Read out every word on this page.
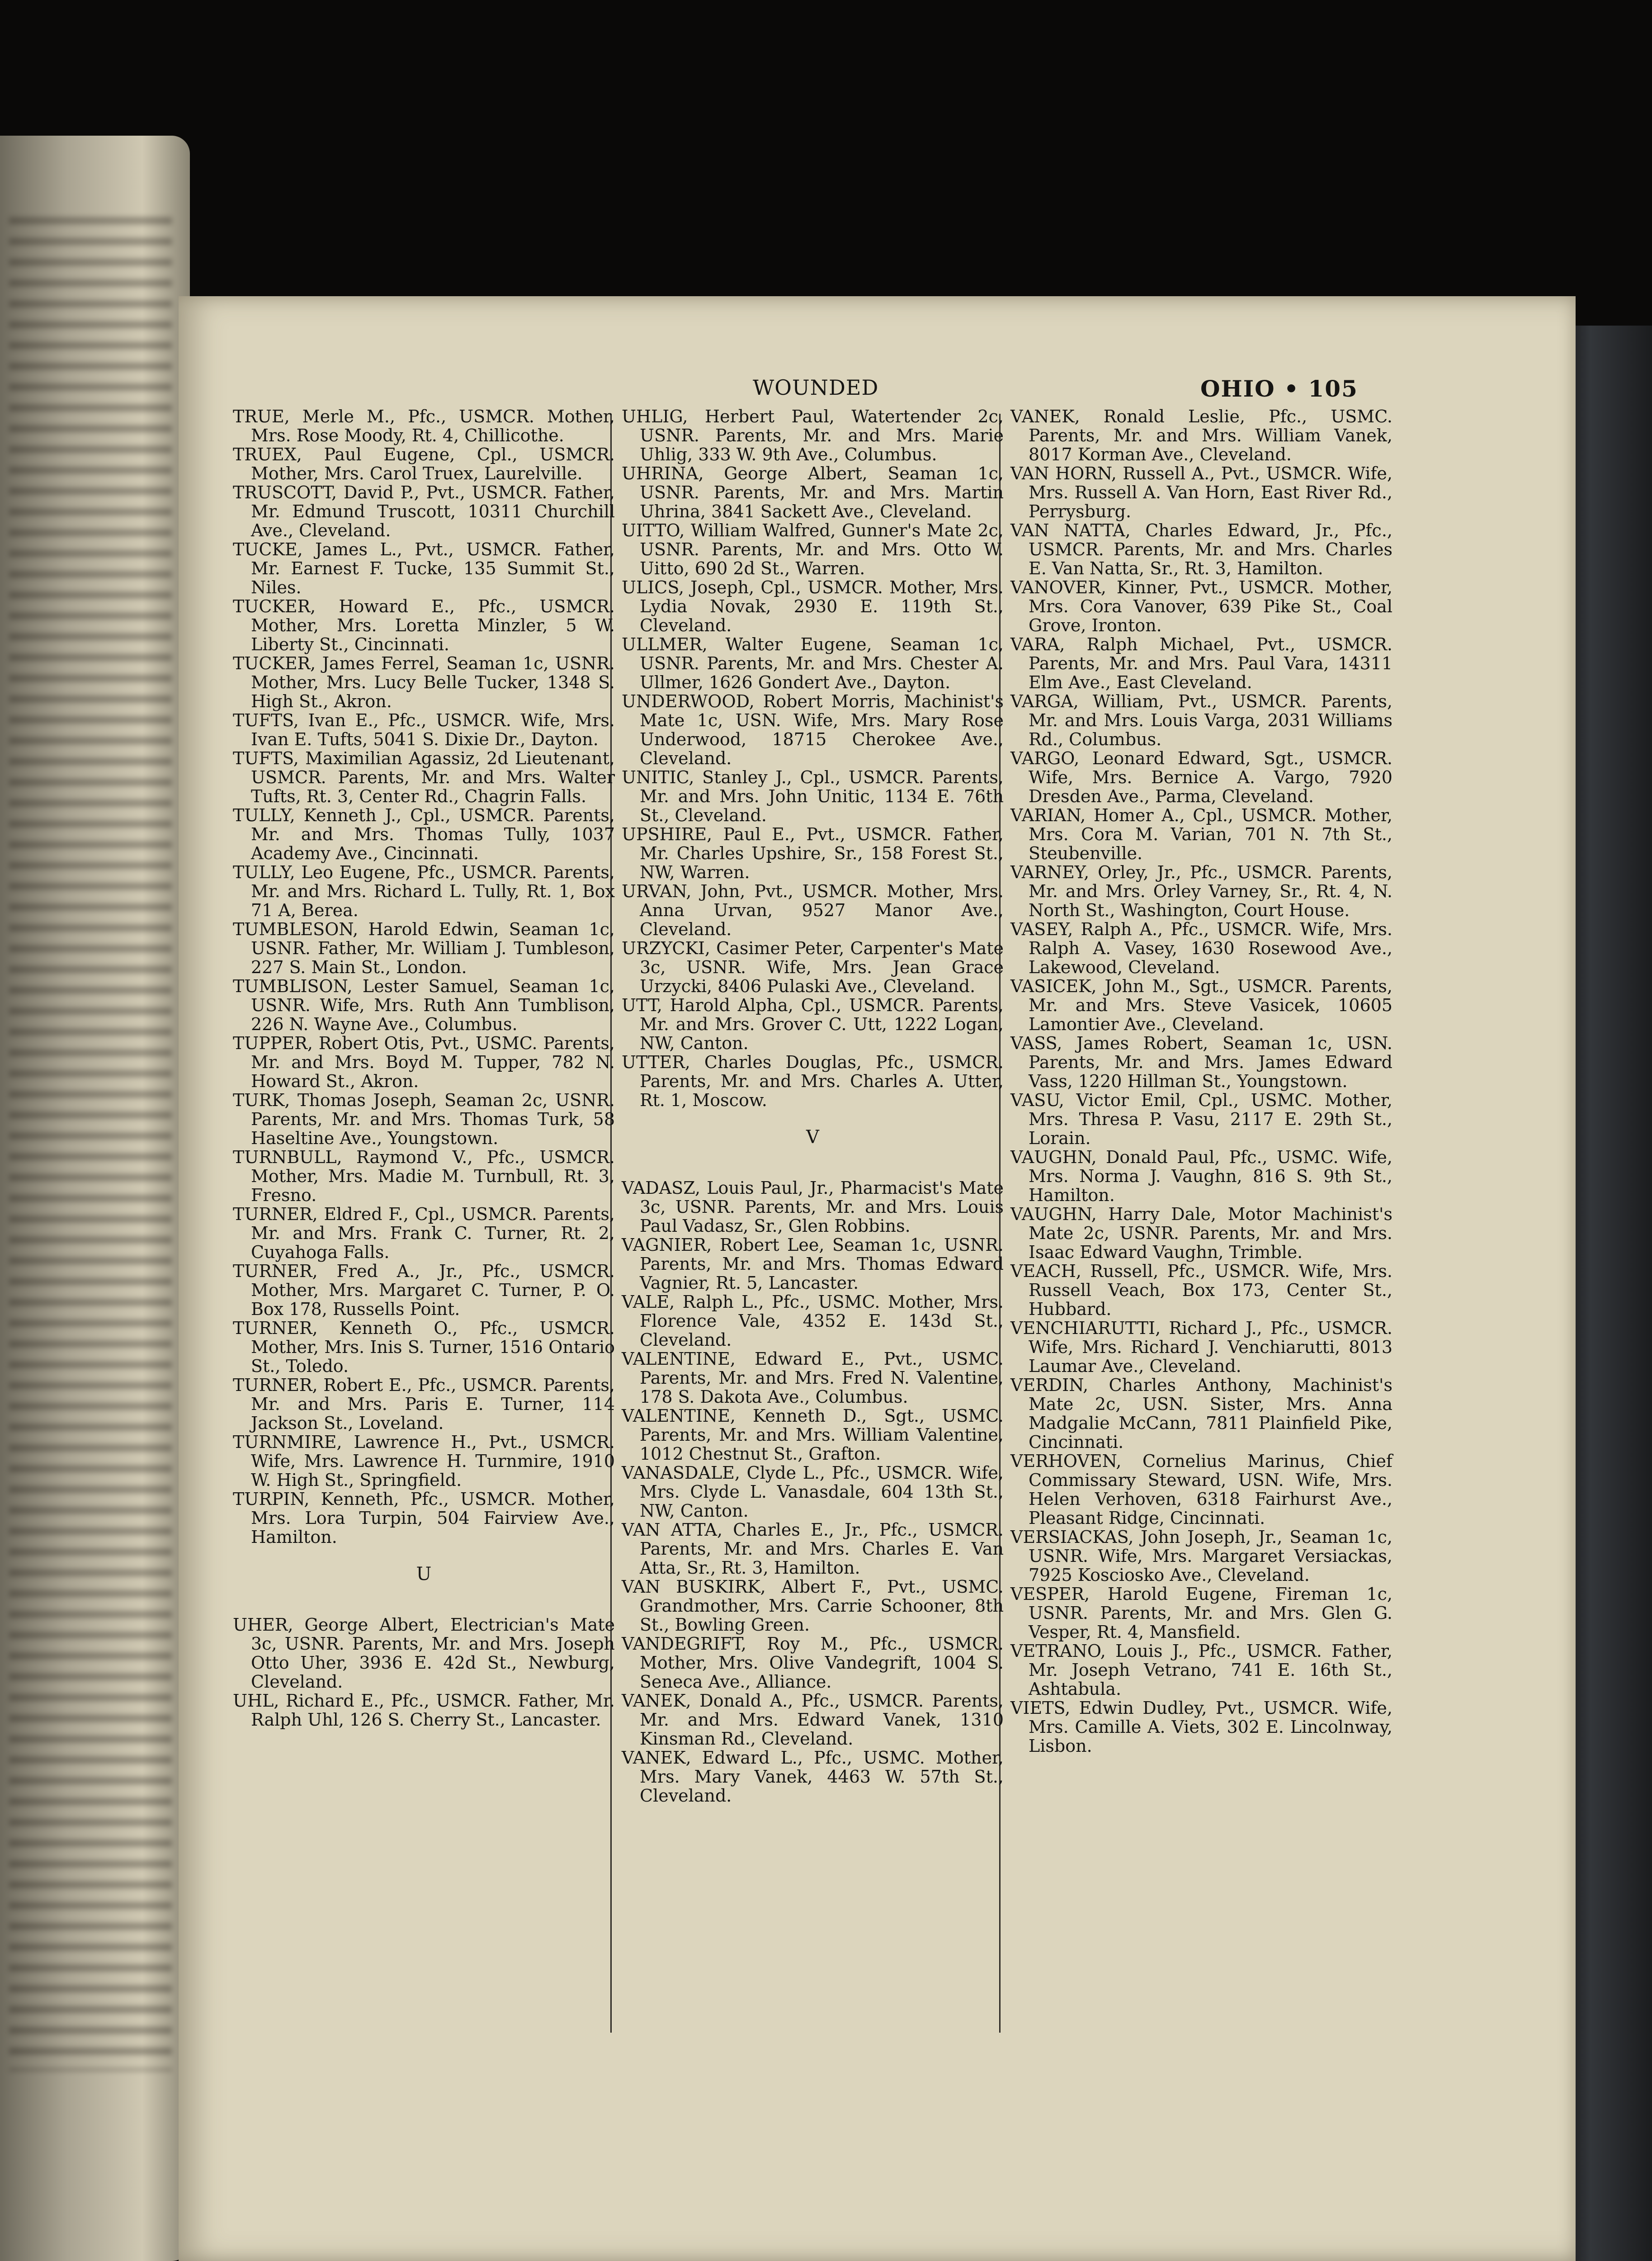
WOUNDED	OHIO • 105

TRUE, Merle M., Pfc., USMCR. Mother, Mrs. Rose Moody, Rt. 4, Chillicothe.

TRUEX, Paul Eugene, Cpl., USMCR. Mother, Mrs. Carol Truex, Laurelville.

TRUSCOTT, David P., Pvt., USMCR. Father, Mr. Edmund Truscott, 10311 Churchill Ave., Cleveland.

TUCKE, James L., Pvt., USMCR. Father, Mr. Earnest F. Tucke, 135 Summit St., Niles.

TUCKER, Howard E., Pfc., USMCR. Mother, Mrs. Loretta Minzler, 5 W. Liberty St., Cincinnati.

TUCKER, James Ferrel, Seaman 1c, USNR. Mother, Mrs. Lucy Belle Tucker, 1348 S. High St., Akron.

TUFTS, Ivan E., Pfc., USMCR. Wife, Mrs. Ivan E. Tufts, 5041 S. Dixie Dr., Dayton.

TUFTS, Maximilian Agassiz, 2d Lieutenant, USMCR. Parents, Mr. and Mrs. Walter Tufts, Rt. 3, Center Rd., Chagrin Falls.

TULLY, Kenneth J., Cpl., USMCR. Parents, Mr. and Mrs. Thomas Tully, 1037 Academy Ave., Cincinnati.

TULLY, Leo Eugene, Pfc., USMCR. Parents, Mr. and Mrs. Richard L. Tully, Rt. 1, Box 71 A, Berea.

TUMBLESON, Harold Edwin, Seaman 1c, USNR. Father, Mr. William J. Tumbleson, 227 S. Main St., London.

TUMBLISON, Lester Samuel, Seaman 1c, USNR. Wife, Mrs. Ruth Ann Tumblison, 226 N. Wayne Ave., Columbus.

TUPPER, Robert Otis, Pvt., USMC. Parents, Mr. and Mrs. Boyd M. Tupper, 782 N. Howard St., Akron.

TURK, Thomas Joseph, Seaman 2c, USNR. Parents, Mr. and Mrs. Thomas Turk, 58 Haseltine Ave., Youngstown.

TURNBULL, Raymond V., Pfc., USMCR. Mother, Mrs. Madie M. Turnbull, Rt. 3, Fresno.

TURNER, Eldred F., Cpl., USMCR. Parents, Mr. and Mrs. Frank C. Turner, Rt. 2, Cuyahoga Falls.

TURNER, Fred A., Jr., Pfc., USMCR. Mother, Mrs. Margaret C. Turner, P. O. Box 178, Russells Point.

TURNER, Kenneth O., Pfc., USMCR. Mother, Mrs. Inis S. Turner, 1516 Ontario St., Toledo.

TURNER, Robert E., Pfc., USMCR. Parents, Mr. and Mrs. Paris E. Turner, 114 Jackson St., Loveland.

TURNMIRE, Lawrence H., Pvt., USMCR. Wife, Mrs. Lawrence H. Turnmire, 1910 W. High St., Springfield.

TURPIN, Kenneth, Pfc., USMCR. Mother, Mrs. Lora Turpin, 504 Fairview Ave., Hamilton.

U

UHER, George Albert, Electrician's Mate 3c, USNR. Parents, Mr. and Mrs. Joseph Otto Uher, 3936 E. 42d St., Newburg, Cleveland.

UHL, Richard E., Pfc., USMCR. Father, Mr. Ralph Uhl, 126 S. Cherry St., Lancaster.

UHLIG, Herbert Paul, Watertender 2c, USNR. Parents, Mr. and Mrs. Marie Uhlig, 333 W. 9th Ave., Columbus.

UHRINA, George Albert, Seaman 1c, USNR. Parents, Mr. and Mrs. Martin Uhrina, 3841 Sackett Ave., Cleveland.

UITTO, William Walfred, Gunner's Mate 2c, USNR. Parents, Mr. and Mrs. Otto W. Uitto, 690 2d St., Warren.

ULICS, Joseph, Cpl., USMCR. Mother, Mrs. Lydia Novak, 2930 E. 119th St., Cleveland.

ULLMER, Walter Eugene, Seaman 1c, USNR. Parents, Mr. and Mrs. Chester A. Ullmer, 1626 Gondert Ave., Dayton.

UNDERWOOD, Robert Morris, Machinist's Mate 1c, USN. Wife, Mrs. Mary Rose Underwood, 18715 Cherokee Ave., Cleveland.

UNITIC, Stanley J., Cpl., USMCR. Parents, Mr. and Mrs. John Unitic, 1134 E. 76th St., Cleveland.

UPSHIRE, Paul E., Pvt., USMCR. Father, Mr. Charles Upshire, Sr., 158 Forest St., NW, Warren.

URVAN, John, Pvt., USMCR. Mother, Mrs. Anna Urvan, 9527 Manor Ave., Cleveland.

URZYCKI, Casimer Peter, Carpenter's Mate 3c, USNR. Wife, Mrs. Jean Grace Urzycki, 8406 Pulaski Ave., Cleveland.

UTT, Harold Alpha, Cpl., USMCR. Parents, Mr. and Mrs. Grover C. Utt, 1222 Logan, NW, Canton.

UTTER, Charles Douglas, Pfc., USMCR. Parents, Mr. and Mrs. Charles A. Utter, Rt. 1, Moscow.

V

VADASZ, Louis Paul, Jr., Pharmacist's Mate 3c, USNR. Parents, Mr. and Mrs. Louis Paul Vadasz, Sr., Glen Robbins.

VAGNIER, Robert Lee, Seaman 1c, USNR. Parents, Mr. and Mrs. Thomas Edward Vagnier, Rt. 5, Lancaster.

VALE, Ralph L., Pfc., USMC. Mother, Mrs. Florence Vale, 4352 E. 143d St., Cleveland.

VALENTINE, Edward E., Pvt., USMC. Parents, Mr. and Mrs. Fred N. Valentine, 178 S. Dakota Ave., Columbus.

VALENTINE, Kenneth D., Sgt., USMC. Parents, Mr. and Mrs. William Valentine, 1012 Chestnut St., Grafton.

VANASDALE, Clyde L., Pfc., USMCR. Wife, Mrs. Clyde L. Vanasdale, 604 13th St., NW, Canton.

VAN ATTA, Charles E., Jr., Pfc., USMCR. Parents, Mr. and Mrs. Charles E. Van Atta, Sr., Rt. 3, Hamilton.

VAN BUSKIRK, Albert F., Pvt., USMC. Grandmother, Mrs. Carrie Schooner, 8th St., Bowling Green.

VANDEGRIFT, Roy M., Pfc., USMCR. Mother, Mrs. Olive Vandegrift, 1004 S. Seneca Ave., Alliance.

VANEK, Donald A., Pfc., USMCR. Parents, Mr. and Mrs. Edward Vanek, 1310 Kinsman Rd., Cleveland.

VANEK, Edward L., Pfc., USMC. Mother, Mrs. Mary Vanek, 4463 W. 57th St., Cleveland.

VANEK, Ronald Leslie, Pfc., USMC. Parents, Mr. and Mrs. William Vanek, 8017 Korman Ave., Cleveland.

VAN HORN, Russell A., Pvt., USMCR. Wife, Mrs. Russell A. Van Horn, East River Rd., Perrysburg.

VAN NATTA, Charles Edward, Jr., Pfc., USMCR. Parents, Mr. and Mrs. Charles E. Van Natta, Sr., Rt. 3, Hamilton.

VANOVER, Kinner, Pvt., USMCR. Mother, Mrs. Cora Vanover, 639 Pike St., Coal Grove, Ironton.

VARA, Ralph Michael, Pvt., USMCR. Parents, Mr. and Mrs. Paul Vara, 14311 Elm Ave., East Cleveland.

VARGA, William, Pvt., USMCR. Parents, Mr. and Mrs. Louis Varga, 2031 Williams Rd., Columbus.

VARGO, Leonard Edward, Sgt., USMCR. Wife, Mrs. Bernice A. Vargo, 7920 Dresden Ave., Parma, Cleveland.

VARIAN, Homer A., Cpl., USMCR. Mother, Mrs. Cora M. Varian, 701 N. 7th St., Steubenville.

VARNEY, Orley, Jr., Pfc., USMCR. Parents, Mr. and Mrs. Orley Varney, Sr., Rt. 4, N. North St., Washington, Court House.

VASEY, Ralph A., Pfc., USMCR. Wife, Mrs. Ralph A. Vasey, 1630 Rosewood Ave., Lakewood, Cleveland.

VASICEK, John M., Sgt., USMCR. Parents, Mr. and Mrs. Steve Vasicek, 10605 Lamontier Ave., Cleveland.

VASS, James Robert, Seaman 1c, USN. Parents, Mr. and Mrs. James Edward Vass, 1220 Hillman St., Youngstown.

VASU, Victor Emil, Cpl., USMC. Mother, Mrs. Thresa P. Vasu, 2117 E. 29th St., Lorain.

VAUGHN, Donald Paul, Pfc., USMC. Wife, Mrs. Norma J. Vaughn, 816 S. 9th St., Hamilton.

VAUGHN, Harry Dale, Motor Machinist's Mate 2c, USNR. Parents, Mr. and Mrs. Isaac Edward Vaughn, Trimble.

VEACH, Russell, Pfc., USMCR. Wife, Mrs. Russell Veach, Box 173, Center St., Hubbard.

VENCHIARUTTI, Richard J., Pfc., USMCR. Wife, Mrs. Richard J. Venchiarutti, 8013 Laumar Ave., Cleveland.

VERDIN, Charles Anthony, Machinist's Mate 2c, USN. Sister, Mrs. Anna Madgalie McCann, 7811 Plainfield Pike, Cincinnati.

VERHOVEN, Cornelius Marinus, Chief Commissary Steward, USN. Wife, Mrs. Helen Verhoven, 6318 Fairhurst Ave., Pleasant Ridge, Cincinnati.

VERSIACKAS, John Joseph, Jr., Seaman 1c, USNR. Wife, Mrs. Margaret Versiackas, 7925 Kosciosko Ave., Cleveland.

VESPER, Harold Eugene, Fireman 1c, USNR. Parents, Mr. and Mrs. Glen G. Vesper, Rt. 4, Mansfield.

VETRANO, Louis J., Pfc., USMCR. Father, Mr. Joseph Vetrano, 741 E. 16th St., Ashtabula.

VIETS, Edwin Dudley, Pvt., USMCR. Wife, Mrs. Camille A. Viets, 302 E. Lincolnway, Lisbon.
